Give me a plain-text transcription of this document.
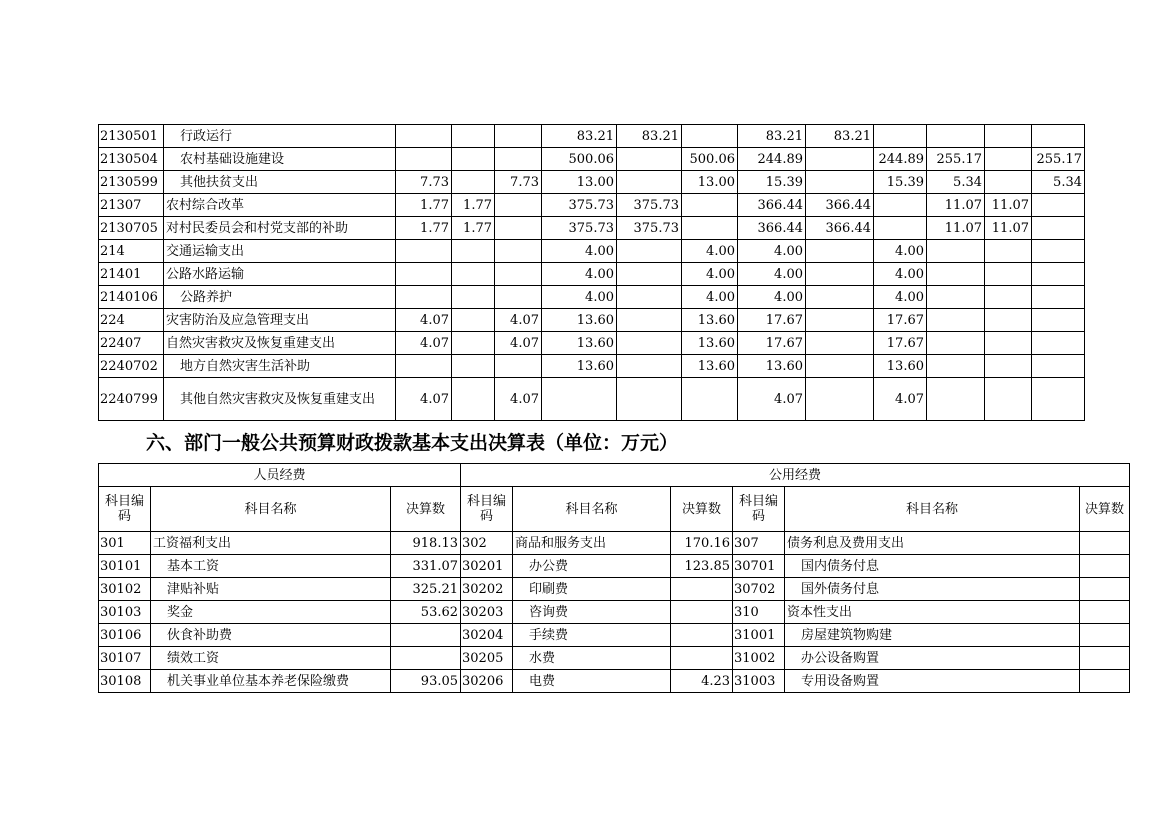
2130501	行政运行				83.21	83.21		83.21	83.21				
2130504	农村基础设施建设				500.06		500.06	244.89		244.89	255.17		255.17
2130599	其他扶贫支出	7.73		7.73	13.00		13.00	15.39		15.39	5.34		5.34
21307	农村综合改革	1.77	1.77		375.73	375.73		366.44	366.44		11.07	11.07	
2130705	对村民委员会和村党支部的补助	1.77	1.77		375.73	375.73		366.44	366.44		11.07	11.07	
214	交通运输支出				4.00		4.00	4.00		4.00			
21401	公路水路运输				4.00		4.00	4.00		4.00			
2140106	公路养护				4.00		4.00	4.00		4.00			
224	灾害防治及应急管理支出	4.07		4.07	13.60		13.60	17.67		17.67			
22407	自然灾害救灾及恢复重建支出	4.07		4.07	13.60		13.60	17.67		17.67			
2240702	地方自然灾害生活补助				13.60		13.60	13.60		13.60			
2240799	其他自然灾害救灾及恢复重建支出	4.07		4.07				4.07		4.07			
六、部门一般公共预算财政拨款基本支出决算表（单位：万元）
人员经费			公用经费					
科目编码	科目名称	决算数	科目编码	科目名称	决算数	科目编码	科目名称	决算数
301	工资福利支出	918.13	302	商品和服务支出	170.16	307	债务利息及费用支出	
30101	基本工资	331.07	30201	办公费	123.85	30701	国内债务付息	
30102	津贴补贴	325.21	30202	印刷费		30702	国外债务付息	
30103	奖金	53.62	30203	咨询费		310	资本性支出	
30106	伙食补助费		30204	手续费		31001	房屋建筑物购建	
30107	绩效工资		30205	水费		31002	办公设备购置	
30108	机关事业单位基本养老保险缴费	93.05	30206	电费	4.23	31003	专用设备购置	
